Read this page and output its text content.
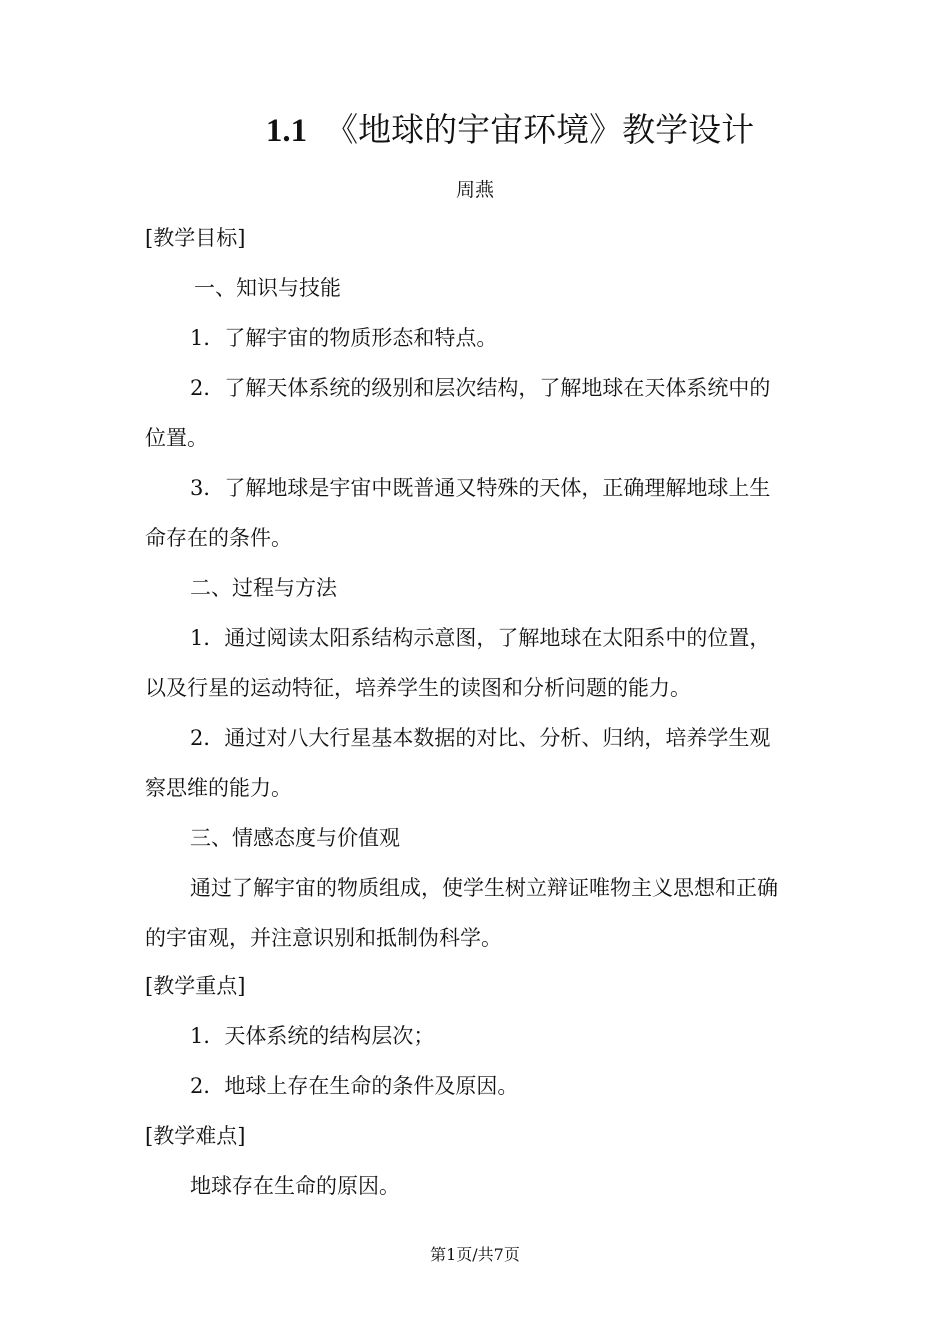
1.1 《地球的宇宙环境》教学设计
周燕
[教学目标]
一、知识与技能
1．了解宇宙的物质形态和特点。
2．了解天体系统的级别和层次结构，了解地球在天体系统中的
位置。
3．了解地球是宇宙中既普通又特殊的天体，正确理解地球上生
命存在的条件。
二、过程与方法
1．通过阅读太阳系结构示意图，了解地球在太阳系中的位置，
以及行星的运动特征，培养学生的读图和分析问题的能力。
2．通过对八大行星基本数据的对比、分析、归纳，培养学生观
察思维的能力。
三、情感态度与价值观
通过了解宇宙的物质组成，使学生树立辩证唯物主义思想和正确
的宇宙观，并注意识别和抵制伪科学。
[教学重点]
1．天体系统的结构层次；
2．地球上存在生命的条件及原因。
[教学难点]
地球存在生命的原因。
第1页/共7页
